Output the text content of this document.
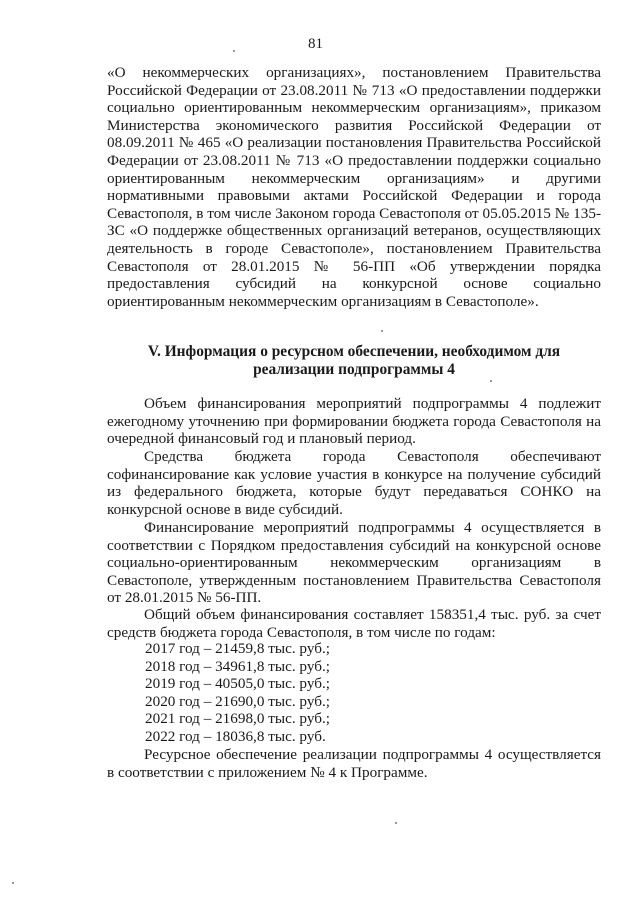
81

«О некоммерческих организациях», постановлением Правительства Российской Федерации от 23.08.2011 № 713 «О предоставлении поддержки социально ориентированным некоммерческим организациям», приказом Министерства экономического развития Российской Федерации от 08.09.2011 № 465 «О реализации постановления Правительства Российской Федерации от 23.08.2011 № 713 «О предоставлении поддержки социально ориентированным некоммерческим организациям» и другими нормативными правовыми актами Российской Федерации и города Севастополя, в том числе Законом города Севастополя от 05.05.2015 № 135-ЗС «О поддержке общественных организаций ветеранов, осуществляющих деятельность в городе Севастополе», постановлением Правительства Севастополя от 28.01.2015 № 56-ПП «Об утверждении порядка предоставления субсидий на конкурсной основе социально ориентированным некоммерческим организациям в Севастополе».

V. Информация о ресурсном обеспечении, необходимом для реализации подпрограммы 4

Объем финансирования мероприятий подпрограммы 4 подлежит ежегодному уточнению при формировании бюджета города Севастополя на очередной финансовый год и плановый период.

Средства бюджета города Севастополя обеспечивают софинансирование как условие участия в конкурсе на получение субсидий из федерального бюджета, которые будут передаваться СОНКО на конкурсной основе в виде субсидий.

Финансирование мероприятий подпрограммы 4 осуществляется в соответствии с Порядком предоставления субсидий на конкурсной основе социально-ориентированным некоммерческим организациям в Севастополе, утвержденным постановлением Правительства Севастополя от 28.01.2015 № 56-ПП.

Общий объем финансирования составляет 158351,4 тыс. руб. за счет средств бюджета города Севастополя, в том числе по годам:

2017 год – 21459,8 тыс. руб.;
2018 год – 34961,8 тыс. руб.;
2019 год – 40505,0 тыс. руб.;
2020 год – 21690,0 тыс. руб.;
2021 год – 21698,0 тыс. руб.;
2022 год – 18036,8 тыс. руб.

Ресурсное обеспечение реализации подпрограммы 4 осуществляется в соответствии с приложением № 4 к Программе.
